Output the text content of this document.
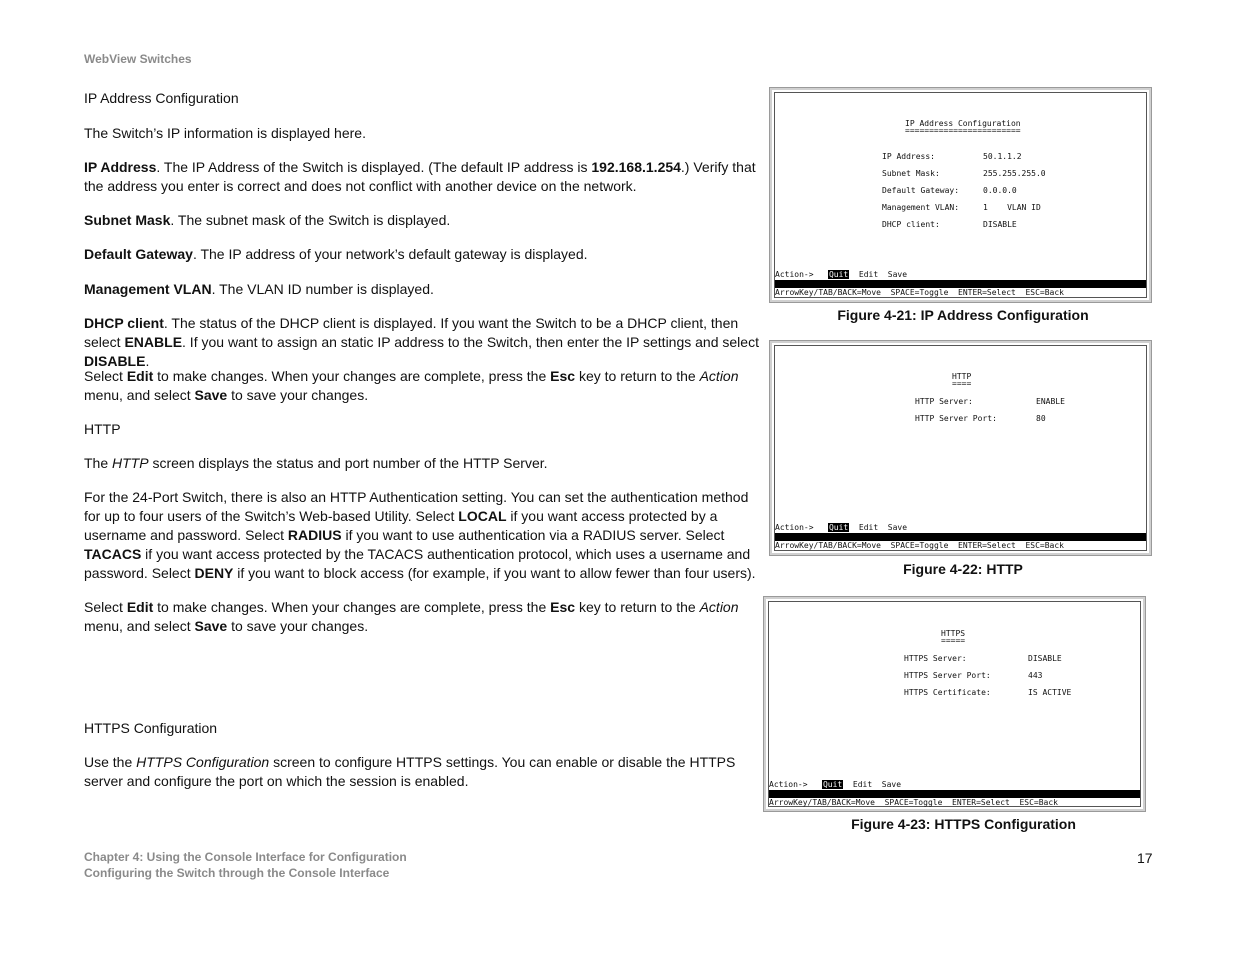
WebView Switches

IP Address Configuration

The Switch’s IP information is displayed here.

IP Address. The IP Address of the Switch is displayed. (The default IP address is 192.168.1.254.) Verify that the address you enter is correct and does not conflict with another device on the network.

Subnet Mask. The subnet mask of the Switch is displayed.

Default Gateway. The IP address of your network’s default gateway is displayed.

Management VLAN. The VLAN ID number is displayed.

DHCP client. The status of the DHCP client is displayed. If you want the Switch to be a DHCP client, then select ENABLE. If you want to assign an static IP address to the Switch, then enter the IP settings and select DISABLE.

Select Edit to make changes. When your changes are complete, press the Esc key to return to the Action menu, and select Save to save your changes.

HTTP

The HTTP screen displays the status and port number of the HTTP Server.

For the 24-Port Switch, there is also an HTTP Authentication setting. You can set the authentication method for up to four users of the Switch’s Web-based Utility. Select LOCAL if you want access protected by a username and password. Select RADIUS if you want to use authentication via a RADIUS server. Select TACACS if you want access protected by the TACACS authentication protocol, which uses a username and password. Select DENY if you want to block access (for example, if you want to allow fewer than four users).

Select Edit to make changes. When your changes are complete, press the Esc key to return to the Action menu, and select Save to save your changes.

HTTPS Configuration

Use the HTTPS Configuration screen to configure HTTPS settings. You can enable or disable the HTTPS server and configure the port on which the session is enabled.

IP Address Configuration
========================
IP Address:	50.1.1.2
Subnet Mask:	255.255.255.0
Default Gateway:	0.0.0.0
Management VLAN:	1    VLAN ID
DHCP client:	DISABLE
Action-> Quit Edit Save
ArrowKey/TAB/BACK=Move  SPACE=Toggle  ENTER=Select  ESC=Back
Figure 4-21: IP Address Configuration
HTTP
====
HTTP Server:	ENABLE
HTTP Server Port:	80
Action-> Quit Edit Save
ArrowKey/TAB/BACK=Move  SPACE=Toggle  ENTER=Select  ESC=Back
Figure 4-22: HTTP
HTTPS
=====
HTTPS Server:	DISABLE
HTTPS Server Port:	443
HTTPS Certificate:	IS ACTIVE
Action-> Quit Edit Save
ArrowKey/TAB/BACK=Move  SPACE=Toggle  ENTER=Select  ESC=Back
Figure 4-23: HTTPS Configuration
Chapter 4: Using the Console Interface for Configuration
Configuring the Switch through the Console Interface
17
